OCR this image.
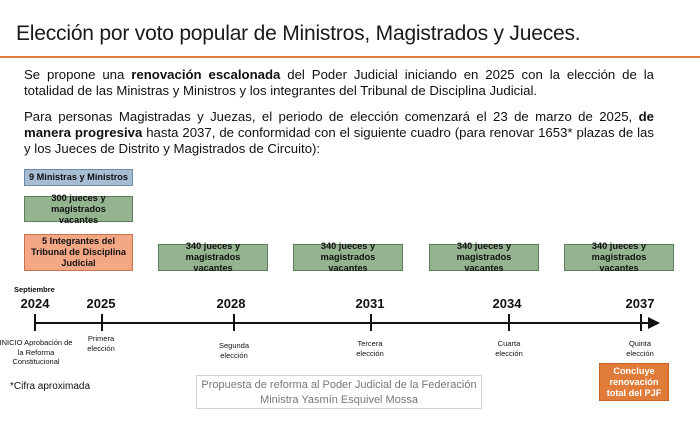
Elección por voto popular de Ministros, Magistrados y Jueces.
Se propone una renovación escalonada del Poder Judicial iniciando en 2025 con la elección de la totalidad de las Ministras y Ministros y los integrantes del Tribunal de Disciplina Judicial.
Para personas Magistradas y Juezas, el periodo de elección comenzará el 23 de marzo de 2025, de manera progresiva hasta 2037, de conformidad con el siguiente cuadro (para renovar 1653* plazas de las y los Jueces de Distrito y Magistrados de Circuito):
9 Ministras y Ministros
300 jueces y magistrados vacantes
5 Integrantes del Tribunal de Disciplina Judicial
340 jueces y magistrados vacantes
340 jueces y magistrados vacantes
340 jueces y magistrados vacantes
340 jueces y magistrados vacantes
Septiembre
2024	2025	2028	2031	2034	2037
INICIO Aprobación de la Reforma Constitucional
Primera elección	Segunda elección
Tercera elección
Cuarta elección
Quinta elección
Concluye renovación total del PJF
*Cifra aproximada	Propuesta de reforma al Poder Judicial de la Federación
Ministra Yasmín Esquivel Mossa
